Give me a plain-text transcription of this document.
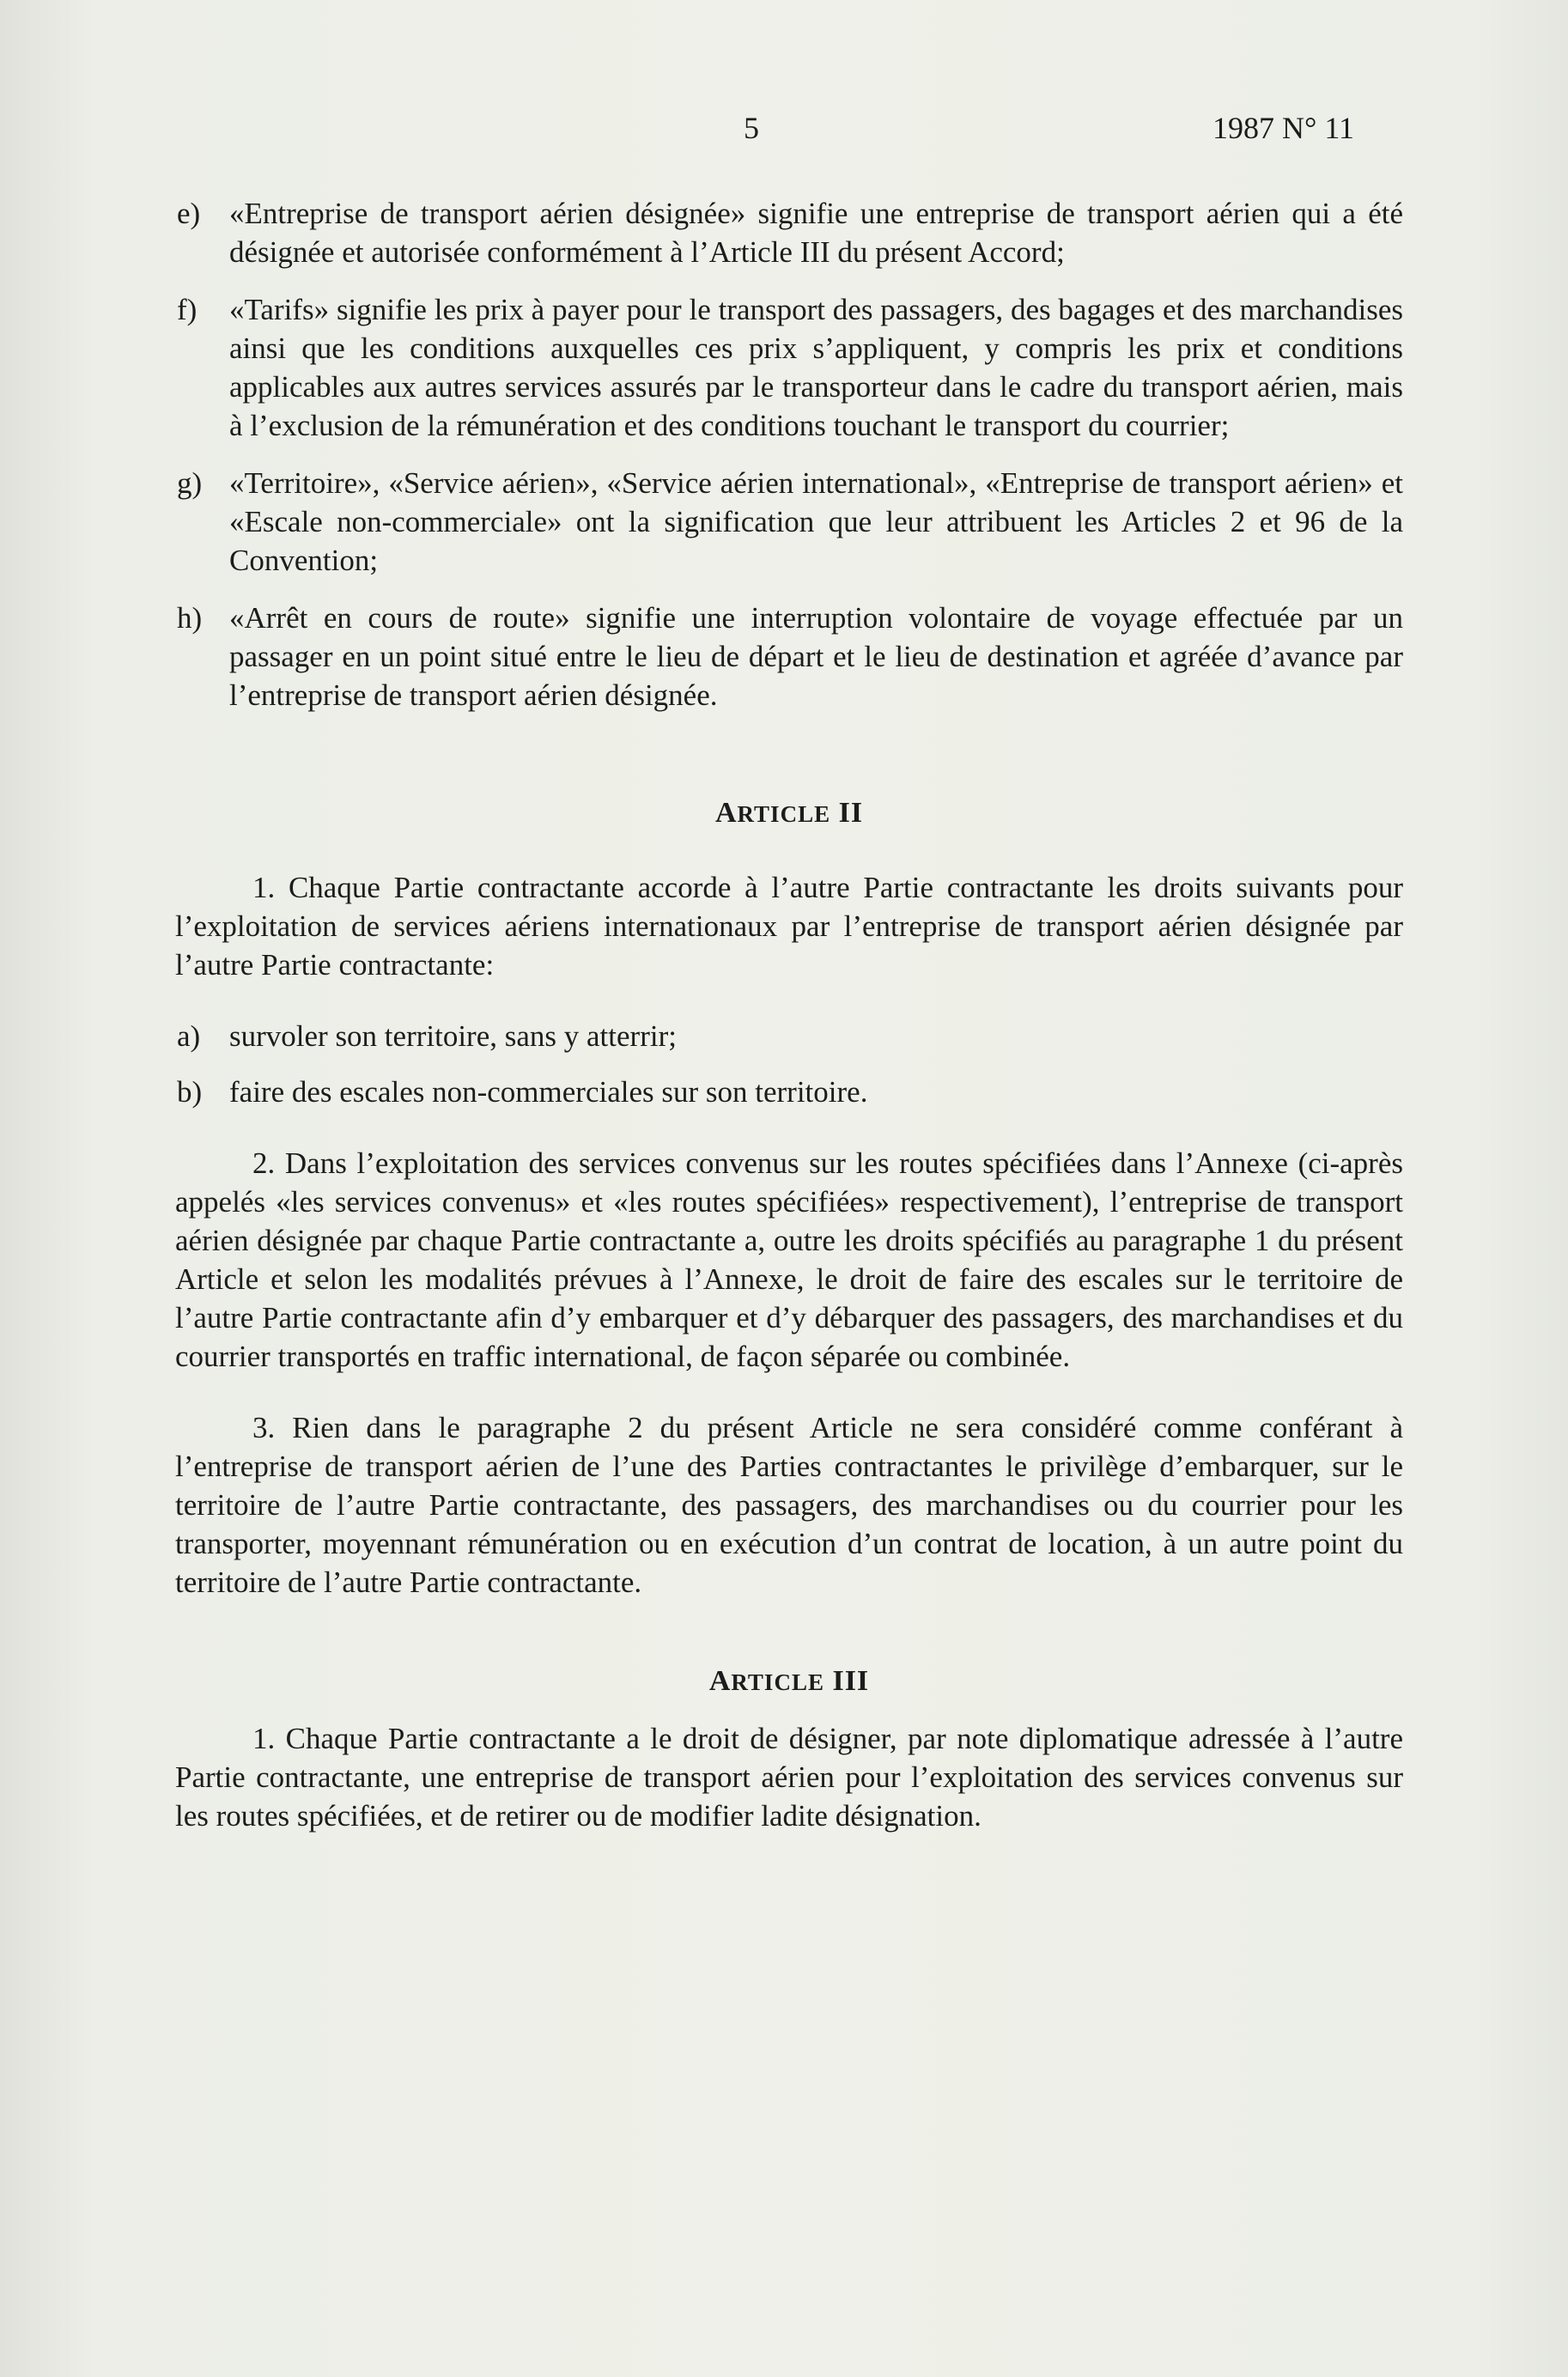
5	1987 N° 11
e) «Entreprise de transport aérien désignée» signifie une entreprise de transport aérien qui a été désignée et autorisée conformément à l’Article III du présent Accord;
f) «Tarifs» signifie les prix à payer pour le transport des passagers, des bagages et des marchandises ainsi que les conditions auxquelles ces prix s’appliquent, y compris les prix et conditions applicables aux autres services assurés par le transporteur dans le cadre du transport aérien, mais à l’exclusion de la rémunération et des conditions touchant le transport du courrier;
g) «Territoire», «Service aérien», «Service aérien international», «Entreprise de transport aérien» et «Escale non-commerciale» ont la signification que leur attribuent les Articles 2 et 96 de la Convention;
h) «Arrêt en cours de route» signifie une interruption volontaire de voyage effectuée par un passager en un point situé entre le lieu de départ et le lieu de destination et agréée d’avance par l’entreprise de transport aérien désignée.
ARTICLE II

1. Chaque Partie contractante accorde à l’autre Partie contractante les droits suivants pour l’exploitation de services aériens internationaux par l’entreprise de transport aérien désignée par l’autre Partie contractante:

a) survoler son territoire, sans y atterrir;
b) faire des escales non-commerciales sur son territoire.

2. Dans l’exploitation des services convenus sur les routes spécifiées dans l’Annexe (ci-après appelés «les services convenus» et «les routes spécifiées» respectivement), l’entreprise de transport aérien désignée par chaque Partie contractante a, outre les droits spécifiés au paragraphe 1 du présent Article et selon les modalités prévues à l’Annexe, le droit de faire des escales sur le territoire de l’autre Partie contractante afin d’y embarquer et d’y débarquer des passagers, des marchandises et du courrier transportés en traffic international, de façon séparée ou combinée.

3. Rien dans le paragraphe 2 du présent Article ne sera considéré comme conférant à l’entreprise de transport aérien de l’une des Parties contractantes le privilège d’embarquer, sur le territoire de l’autre Partie contractante, des passagers, des marchandises ou du courrier pour les transporter, moyennant rémunération ou en exécution d’un contrat de location, à un autre point du territoire de l’autre Partie contractante.

ARTICLE III

1. Chaque Partie contractante a le droit de désigner, par note diplomatique adressée à l’autre Partie contractante, une entreprise de transport aérien pour l’exploitation des services convenus sur les routes spécifiées, et de retirer ou de modifier ladite désignation.
